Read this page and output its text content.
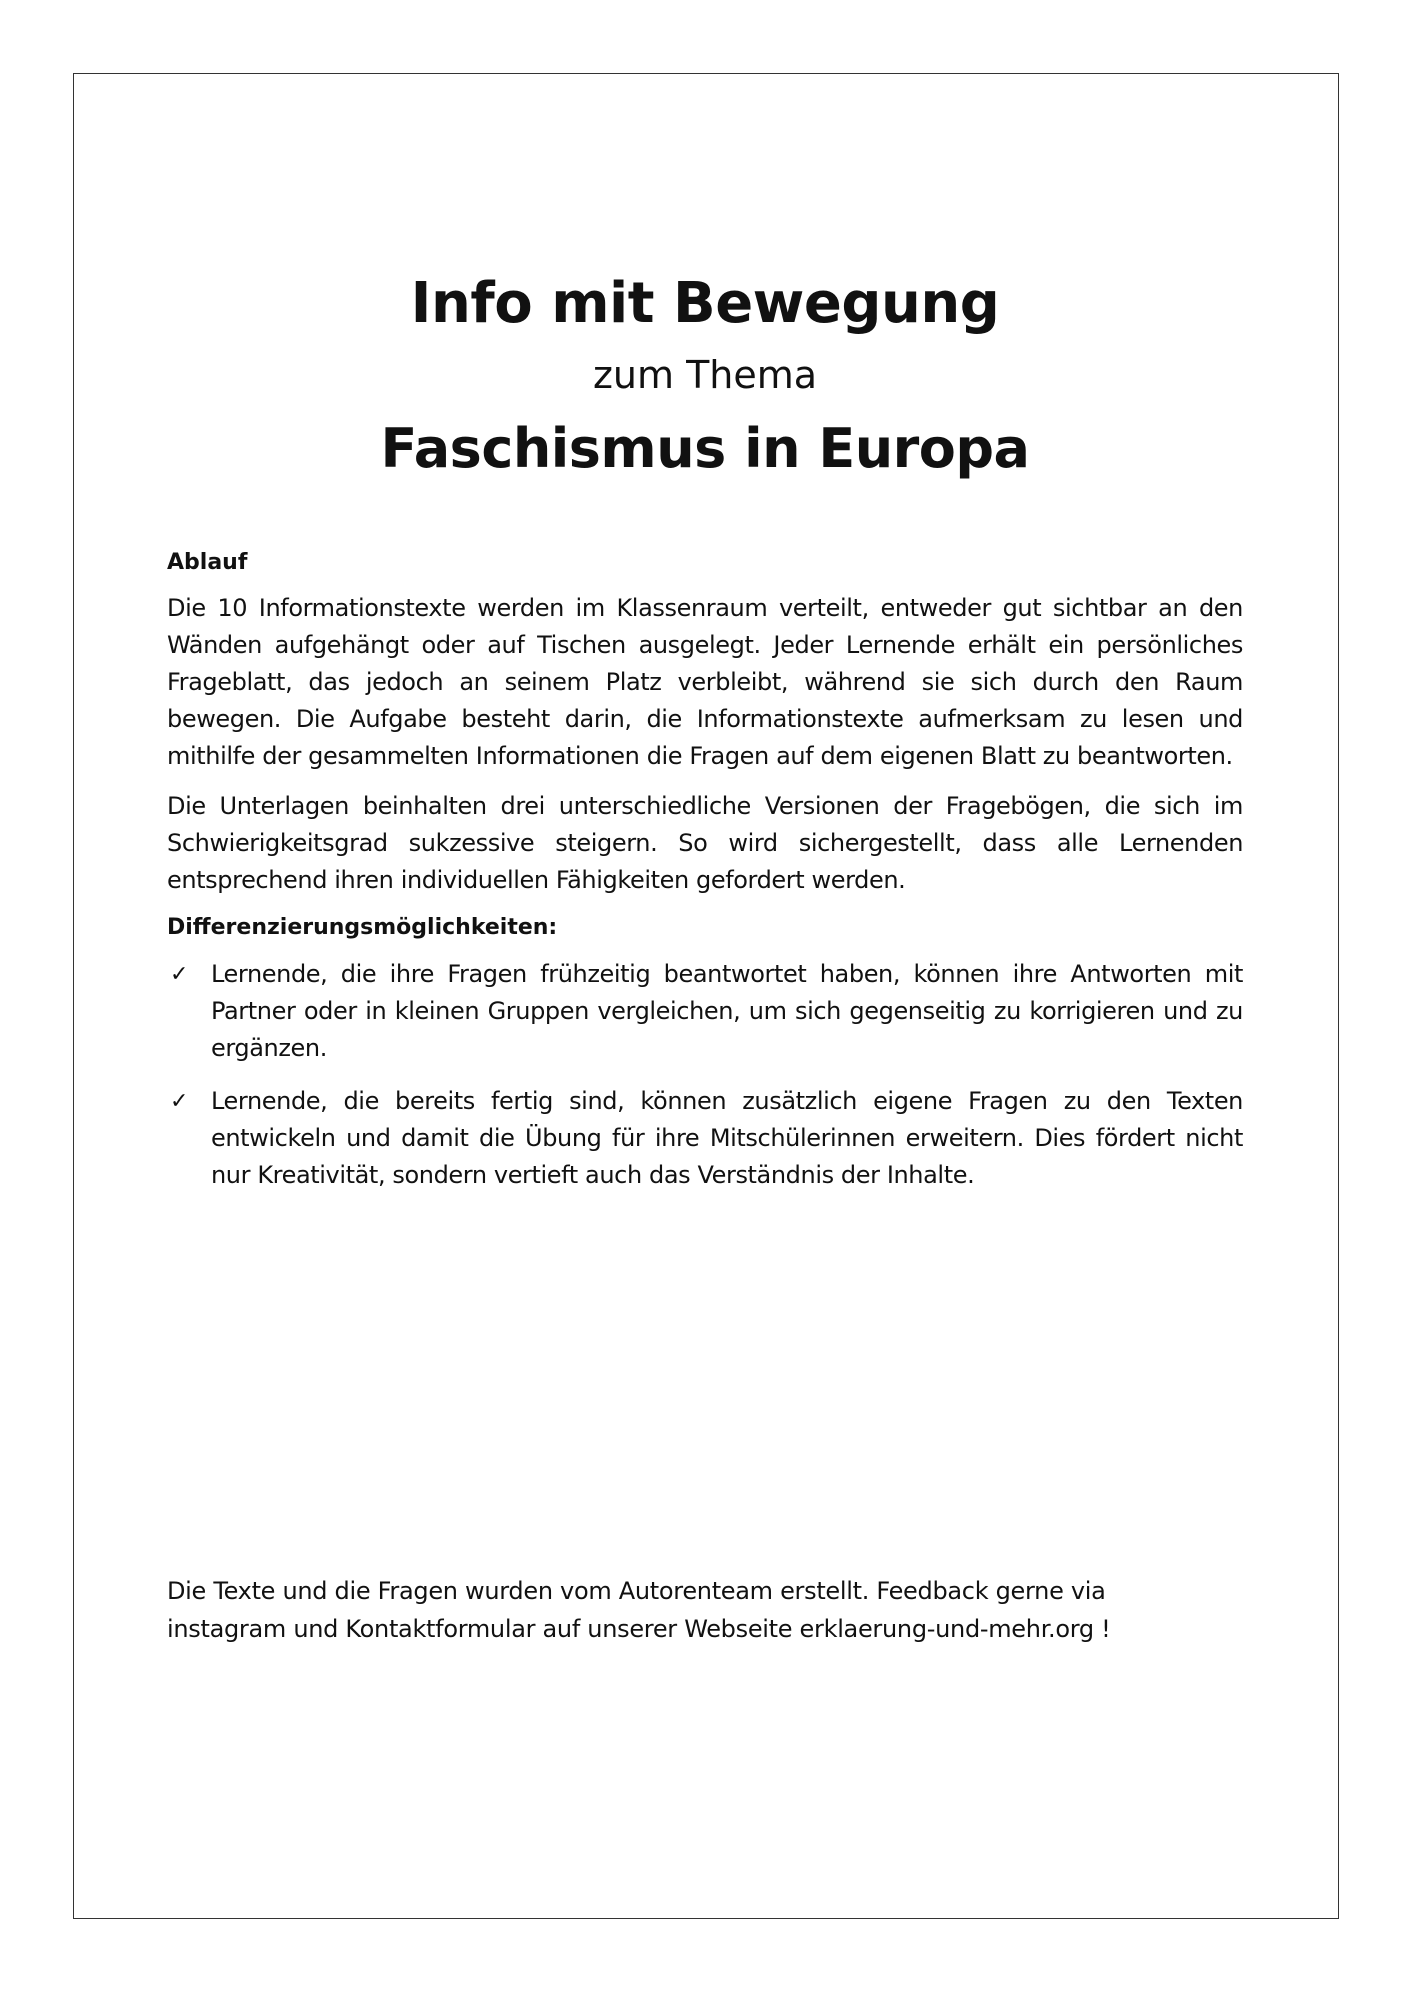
Info mit Bewegung

zum Thema

Faschismus in Europa
Ablauf

Die 10 Informationstexte werden im Klassenraum verteilt, entweder gut sichtbar an den Wänden aufgehängt oder auf Tischen ausgelegt. Jeder Lernende erhält ein persönliches Frageblatt, das jedoch an seinem Platz verbleibt, während sie sich durch den Raum bewegen. Die Aufgabe besteht darin, die Informationstexte aufmerksam zu lesen und mithilfe der gesammelten Informationen die Fragen auf dem eigenen Blatt zu beantworten.

Die Unterlagen beinhalten drei unterschiedliche Versionen der Fragebögen, die sich im Schwierigkeitsgrad sukzessive steigern. So wird sichergestellt, dass alle Lernenden entsprechend ihren individuellen Fähigkeiten gefordert werden.

Differenzierungsmöglichkeiten:
✓ Lernende, die ihre Fragen frühzeitig beantwortet haben, können ihre Antworten mit Partner oder in kleinen Gruppen vergleichen, um sich gegenseitig zu korrigieren und zu ergänzen.
✓ Lernende, die bereits fertig sind, können zusätzlich eigene Fragen zu den Texten entwickeln und damit die Übung für ihre Mitschülerinnen erweitern. Dies fördert nicht nur Kreativität, sondern vertieft auch das Verständnis der Inhalte.

Die Texte und die Fragen wurden vom Autorenteam erstellt. Feedback gerne via
instagram und Kontaktformular auf unserer Webseite erklaerung-und-mehr.org !
